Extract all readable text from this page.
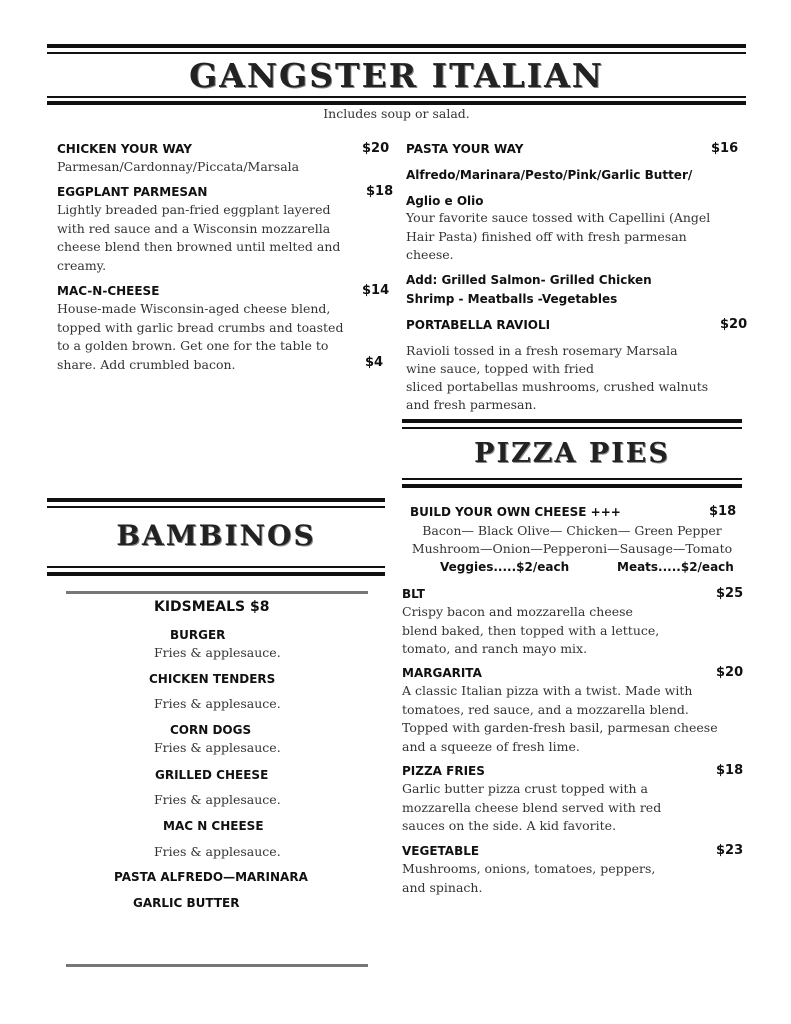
GANGSTER ITALIAN
Includes soup or salad.
CHICKEN YOUR WAY	$20
Parmesan/Cardonnay/Piccata/Marsala
EGGPLANT PARMESAN	$18
Lightly breaded pan-fried eggplant layered with red sauce and a Wisconsin mozzarella cheese blend then browned until melted and creamy.
MAC-N-CHEESE	$14
House-made Wisconsin-aged cheese blend, topped with garlic bread crumbs and toasted to a golden brown. Get one for the table to share. Add crumbled bacon.	$4
PASTA YOUR WAY	$16
Alfredo/Marinara/Pesto/Pink/Garlic Butter/
Aglio e Olio
Your favorite sauce tossed with Capellini (Angel Hair Pasta) finished off with fresh parmesan cheese.
Add: Grilled Salmon- Grilled Chicken
Shrimp - Meatballs -Vegetables
PORTABELLA RAVIOLI	$20
Ravioli tossed in a fresh rosemary Marsala
wine sauce, topped with fried
sliced portabellas mushrooms, crushed walnuts
and fresh parmesan.
PIZZA PIES
BAMBINOS
KIDSMEALS $8
BURGER
Fries & applesauce.
CHICKEN TENDERS
Fries & applesauce.
CORN DOGS
Fries & applesauce.
GRILLED CHEESE
Fries & applesauce.
MAC N CHEESE
Fries & applesauce.
PASTA ALFREDO—MARINARA
GARLIC BUTTER
BUILD YOUR OWN CHEESE +++	$18
Bacon— Black Olive— Chicken— Green Pepper
Mushroom—Onion—Pepperoni—Sausage—Tomato
Veggies.....$2/each	Meats.....$2/each
BLT	$25
Crispy bacon and mozzarella cheese blend baked, then topped with a lettuce, tomato, and ranch mayo mix.
MARGARITA	$20
A classic Italian pizza with a twist. Made with tomatoes, red sauce, and a mozzarella blend. Topped with garden-fresh basil, parmesan cheese and a squeeze of fresh lime.
PIZZA FRIES	$18
Garlic butter pizza crust topped with a mozzarella cheese blend served with red sauces on the side. A kid favorite.
VEGETABLE	$23
Mushrooms, onions, tomatoes, peppers, and spinach.
